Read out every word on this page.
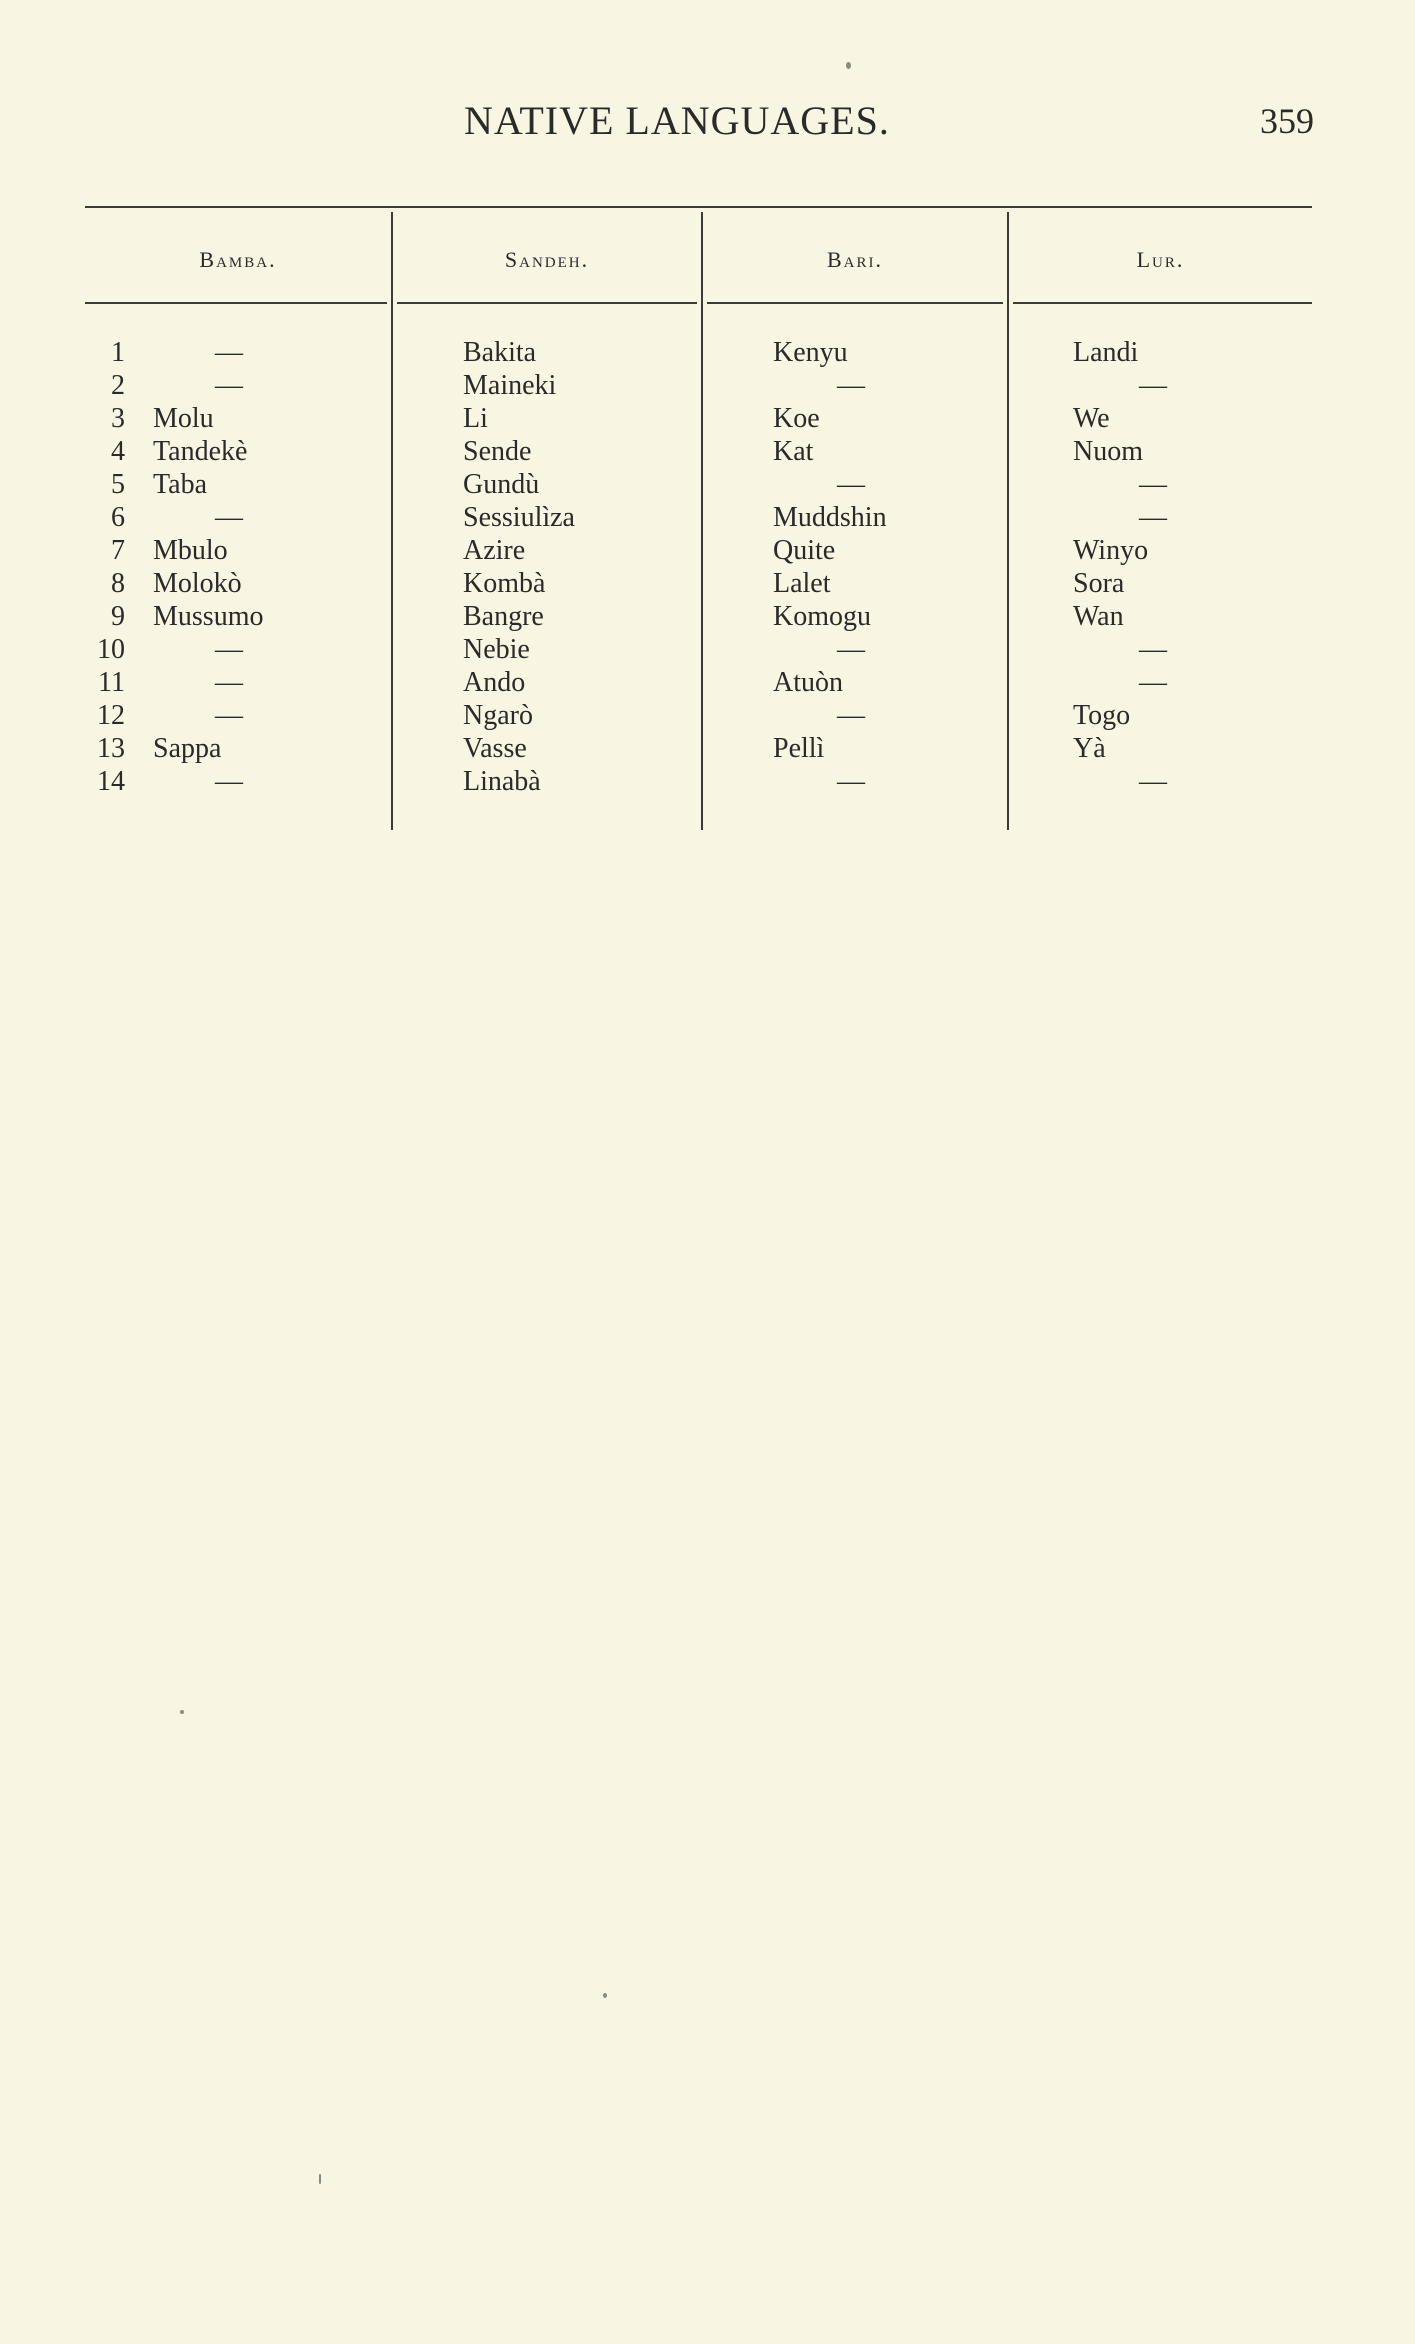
NATIVE LANGUAGES.	359
Bamba.	Sandeh.	Bari.	Lur.
1	—	Bakita	Kenyu	Landi
2	—	Maineki	—	—
3 Molu	Li	Koe	We
4 Tandekè	Sende	Kat	Nuom
5 Taba	Gundù	—	—
6	—	Sessiulìza	Muddshin	—
7 Mbulo	Azire	Quite	Winyo
8 Molokò	Kombà	Lalet	Sora
9 Mussumo	Bangre	Komogu	Wan
10	—	Nebie	—	—
11	—	Ando	Atuòn	—
12	—	Ngarò	—	Togo
13 Sappa	Vasse	Pellì	Yà
14	—	Linabà	—	—
